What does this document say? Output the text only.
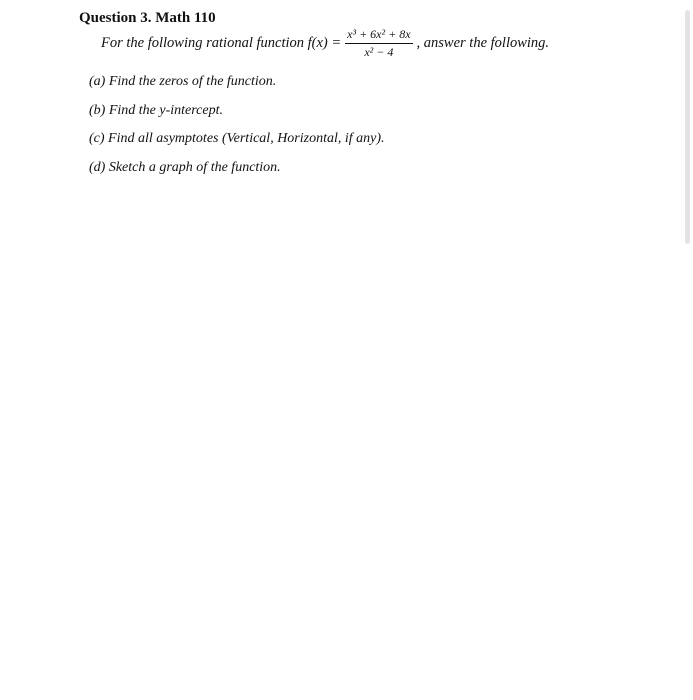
Question 3. Math 110
For the following rational function $f(x) = \frac{\text{x³ + 6x² + 8x}}{\text{x² − 4}}$ , answer the following.
(a) Find the zeros of the function.
(b) Find the y-intercept.
(c) Find all asymptotes (Vertical, Horizontal, if any).
(d) Sketch a graph of the function.
